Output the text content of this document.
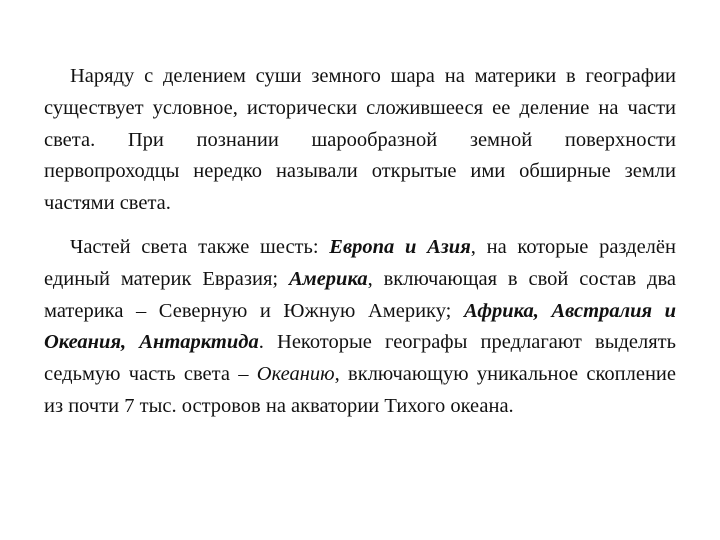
Наряду с делением суши земного шара на материки в географии существует условное, исторически сложившееся ее деление на части света. При познании шарообразной земной поверхности первопроходцы нередко называли открытые ими обширные земли частями света.

Частей света также шесть: Европа и Азия, на которые разделён единый материк Евразия; Америка, включающая в свой состав два материка – Северную и Южную Америку; Африка, Австралия и Океания, Антарктида. Некоторые географы предлагают выделять седьмую часть света – Океанию, включающую уникальное скопление из почти 7 тыс. островов на акватории Тихого океана.
